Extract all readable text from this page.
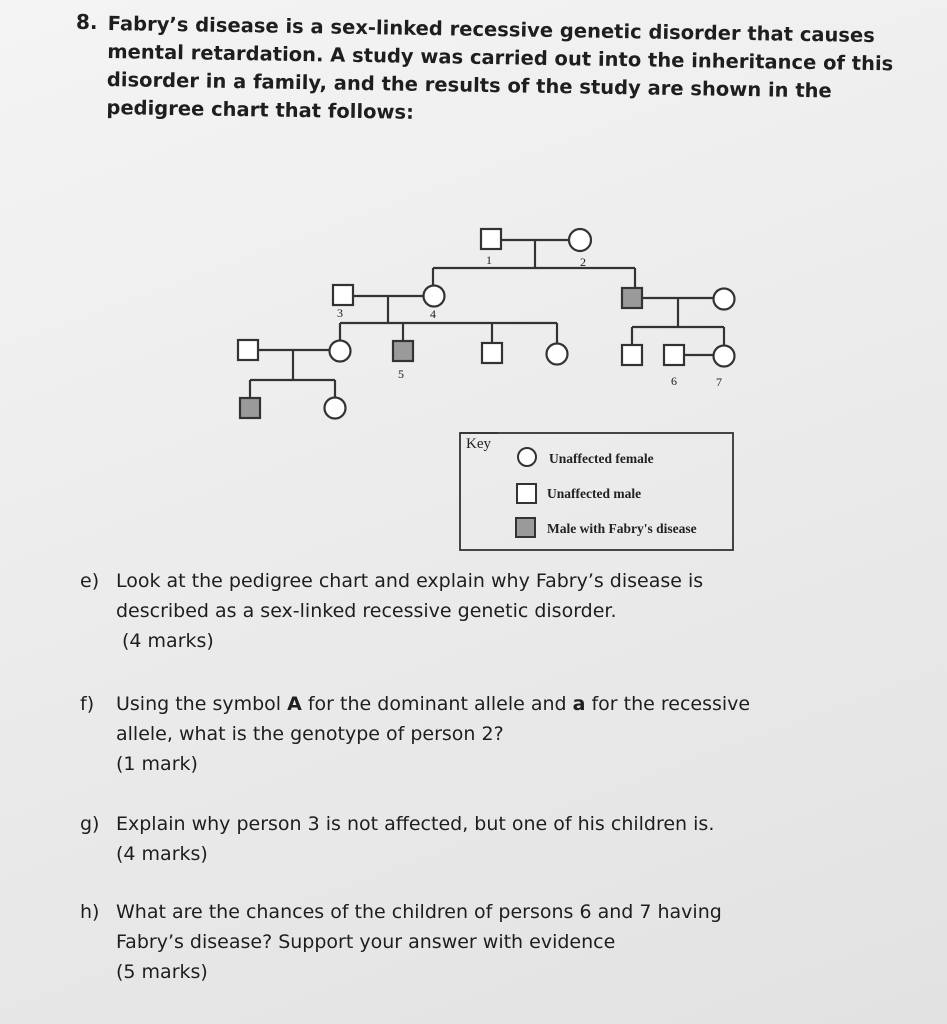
8. Fabry’s disease is a sex-linked recessive genetic disorder that causes
mental retardation. A study was carried out into the inheritance of this
disorder in a family, and the results of the study are shown in the
pedigree chart that follows:
1	2
3	4
5	6	7
Key
Unaffected female
Unaffected male
Male with Fabry's disease
e) Look at the pedigree chart and explain why Fabry’s disease is
described as a sex-linked recessive genetic disorder.
(4 marks)
f) Using the symbol A for the dominant allele and a for the recessive
allele, what is the genotype of person 2?
(1 mark)
g) Explain why person 3 is not affected, but one of his children is.
(4 marks)
h) What are the chances of the children of persons 6 and 7 having
Fabry’s disease? Support your answer with evidence
(5 marks)
